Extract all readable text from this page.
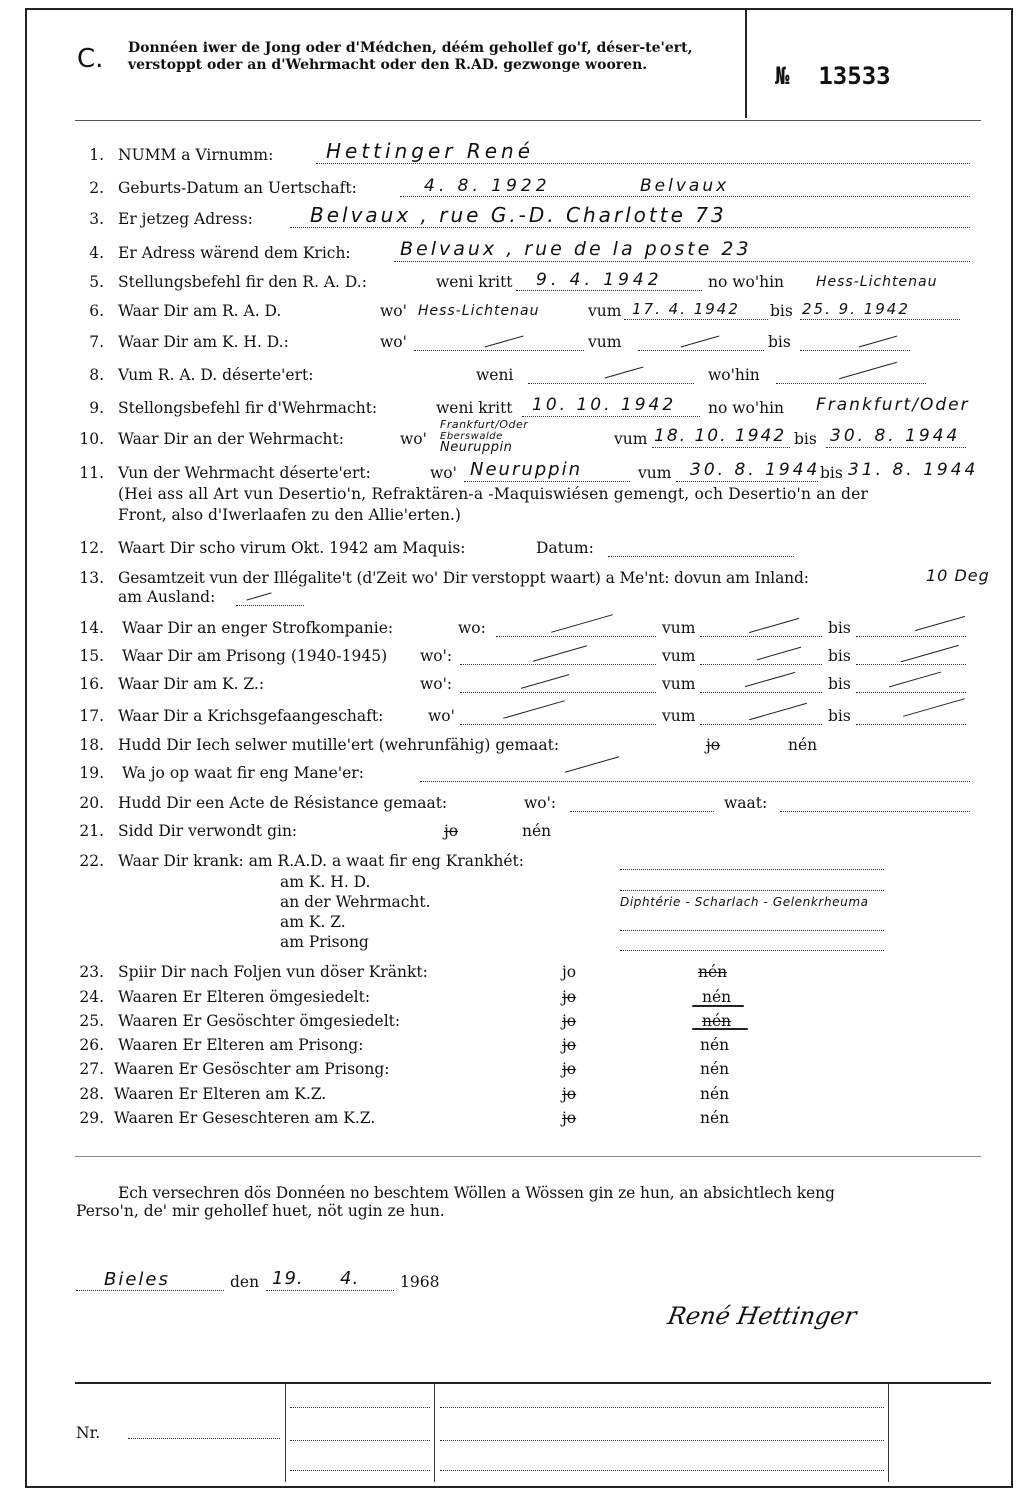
C. Donnéen iwer de Jong oder d'Médchen, déém gehollef go'f, déser-te'ert, verstoppt oder an d'Wehrmacht oder den R.AD. gezwonge wooren.	№ 13533
1. NUMM a Virnumm:	Hettinger René
2. Geburts-Datum an Uertschaft:	4. 8. 1922	Belvaux
3. Er jetzeg Adress:	Belvaux , rue G.-D. Charlotte 73
4. Er Adress wärend dem Krich:	Belvaux , rue de la poste 23
5. Stellungsbefehl fir den R. A. D.:	weni kritt 9. 4. 1942	no wo'hin Hess-Lichtenau
6. Waar Dir am R. A. D.	wo' Hess-Lichtenau	vum 17. 4. 1942 bis 25. 9. 1942
7. Waar Dir am K. H. D.:	wo'	vum	bis
8. Vum R. A. D. déserte'ert:	weni	wo'hin
9. Stellongsbefehl fir d'Wehrmacht:	weni kritt 10. 10. 1942 no wo'hin Frankfurt/Oder
10. Waar Dir an der Wehrmacht:	wo'
Frankfurt/Oder
Eberswalde
Neuruppin	vum 18. 10. 1942 bis 30. 8. 1944
11. Vun der Wehrmacht déserte'ert:	wo' Neuruppin	vum 30. 8. 1944 bis 31. 8. 1944
(Hei ass all Art vun Desertio'n, Refraktären-a -Maquiswiésen gemengt, och Desertio'n an der
Front, also d'Iwerlaafen zu den Allie'erten.)
12. Waart Dir scho virum Okt. 1942 am Maquis:	Datum:
13. Gesamtzeit vun der Illégalite't (d'Zeit wo' Dir verstoppt waart) a Me'nt: dovun am Inland:	10 Deg
am Ausland:
14. Waar Dir an enger Strofkompanie:	wo:	vum	bis
15. Waar Dir am Prisong (1940-1945) wo':	vum	bis
16. Waar Dir am K. Z.:	wo':	vum	bis
17. Waar Dir a Krichsgefaangeschaft:	wo'	vum	bis
18. Hudd Dir Iech selwer mutille'ert (wehrunfähig) gemaat:	jo	nén
19. Wa jo op waat fir eng Mane'er:
20. Hudd Dir een Acte de Résistance gemaat:	wo':	waat:
21. Sidd Dir verwondt gin:	jo	nén
22. Waar Dir krank: am R.A.D. a waat fir eng Krankhét:
am K. H. D.
an der Wehrmacht.	Diphtérie - Scharlach - Gelenkrheuma
am K. Z.
am Prisong
23. Spiir Dir nach Foljen vun döser Kränkt:	jo	nén
24. Waaren Er Elteren ömgesiedelt:	jo	nén
25. Waaren Er Gesöschter ömgesiedelt:	jo	nén
26. Waaren Er Elteren am Prisong:	jo	nén
27. Waaren Er Gesöschter am Prisong:	jo	nén
28. Waaren Er Elteren am K.Z.	jo	nén
29. Waaren Er Geseschteren am K.Z.	jo	nén
Ech versechren dös Donnéen no beschtem Wöllen a Wössen gin ze hun, an absichtlech keng
Perso'n, de' mir gehollef huet, nöt ugin ze hun.
Bieles	den 19. 4.	1968
René Hettinger
Nr.
